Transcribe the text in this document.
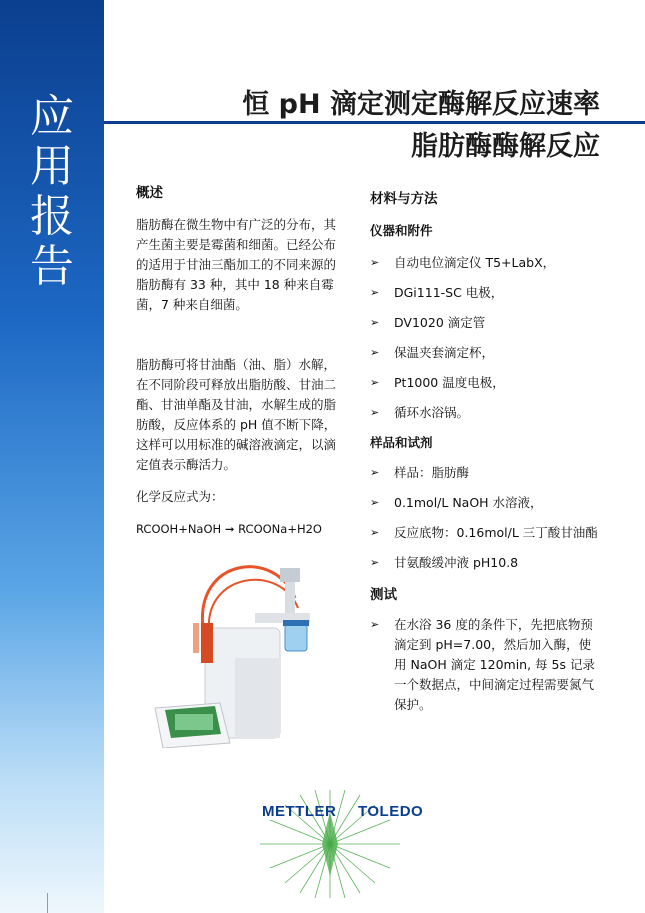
应
用
报
告
恒 pH 滴定测定酶解反应速率
脂肪酶酶解反应
概述

脂肪酶在微生物中有广泛的分布，其产生菌主要是霉菌和细菌。已经公布的适用于甘油三酯加工的不同来源的脂肪酶有 33 种，其中 18 种来自霉菌，7 种来自细菌。

脂肪酶可将甘油酯（油、脂）水解，在不同阶段可释放出脂肪酸、甘油二酯、甘油单酯及甘油，水解生成的脂肪酸，反应体系的 pH 值不断下降，这样可以用标准的碱溶液滴定，以滴定值表示酶活力。

化学反应式为：

RCOOH+NaOH ➞ RCOONa+H2O

材料与方法
仪器和附件
➢ 自动电位滴定仪 T5+LabX，
➢ DGi111-SC 电极，
➢ DV1020 滴定管
➢ 保温夹套滴定杯，
➢ Pt1000 温度电极，
➢ 循环水浴锅。
样品和试剂
➢ 样品：脂肪酶
➢ 0.1mol/L NaOH 水溶液，
➢ 反应底物：0.16mol/L 三丁酸甘油酯
➢ 甘氨酸缓冲液 pH10.8
测试
➢ 在水浴 36 度的条件下，先把底物预滴定到 pH=7.00，然后加入酶，使用 NaOH 滴定 120min, 每 5s 记录一个数据点，中间滴定过程需要氮气保护。
METTLER TOLEDO
